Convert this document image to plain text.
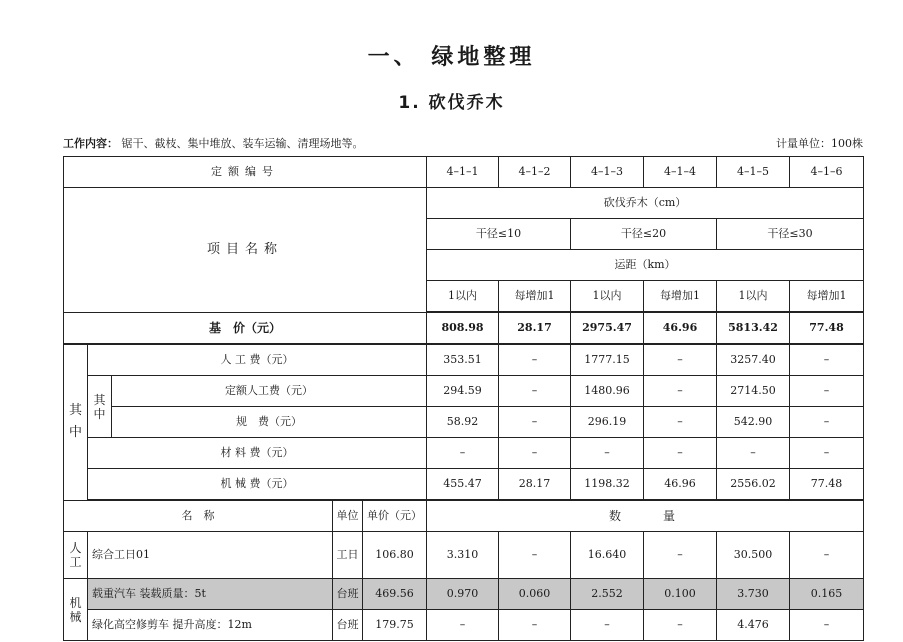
一、 绿地整理
1. 砍伐乔木
工作内容： 锯干、截枝、集中堆放、装车运输、清理场地等。	计量单位：100株
定额编号					4–1–1	4–1–2	4–1–3	4–1–4	4–1–5	4–1–6
项目名称					砍伐乔木（cm）					
					干径≤10		干径≤20		干径≤30	
					运距（km）					
					1以内	每增加1	1以内	每增加1	1以内	每增加1
基　价（元）					808.98	28.17	2975.47	46.96	5813.42	77.48
其中	人 工 费（元）				353.51	–	1777.15	–	3257.40	–
	其中	定额人工费（元）			294.59	–	1480.96	–	2714.50	–
		规　费（元）			58.92	–	296.19	–	542.90	–
	材 料 费（元）				–	–	–	–	–	–
	机 械 费（元）				455.47	28.17	1198.32	46.96	2556.02	77.48
名　称			单位	单价（元）	数　　量					
人工	综合工日01		工日	106.80	3.310	–	16.640	–	30.500	–
机械	载重汽车 装载质量：5t		台班	469.56	0.970	0.060	2.552	0.100	3.730	0.165
	绿化高空修剪车 提升高度：12m		台班	179.75	–	–	–	–	4.476	–
